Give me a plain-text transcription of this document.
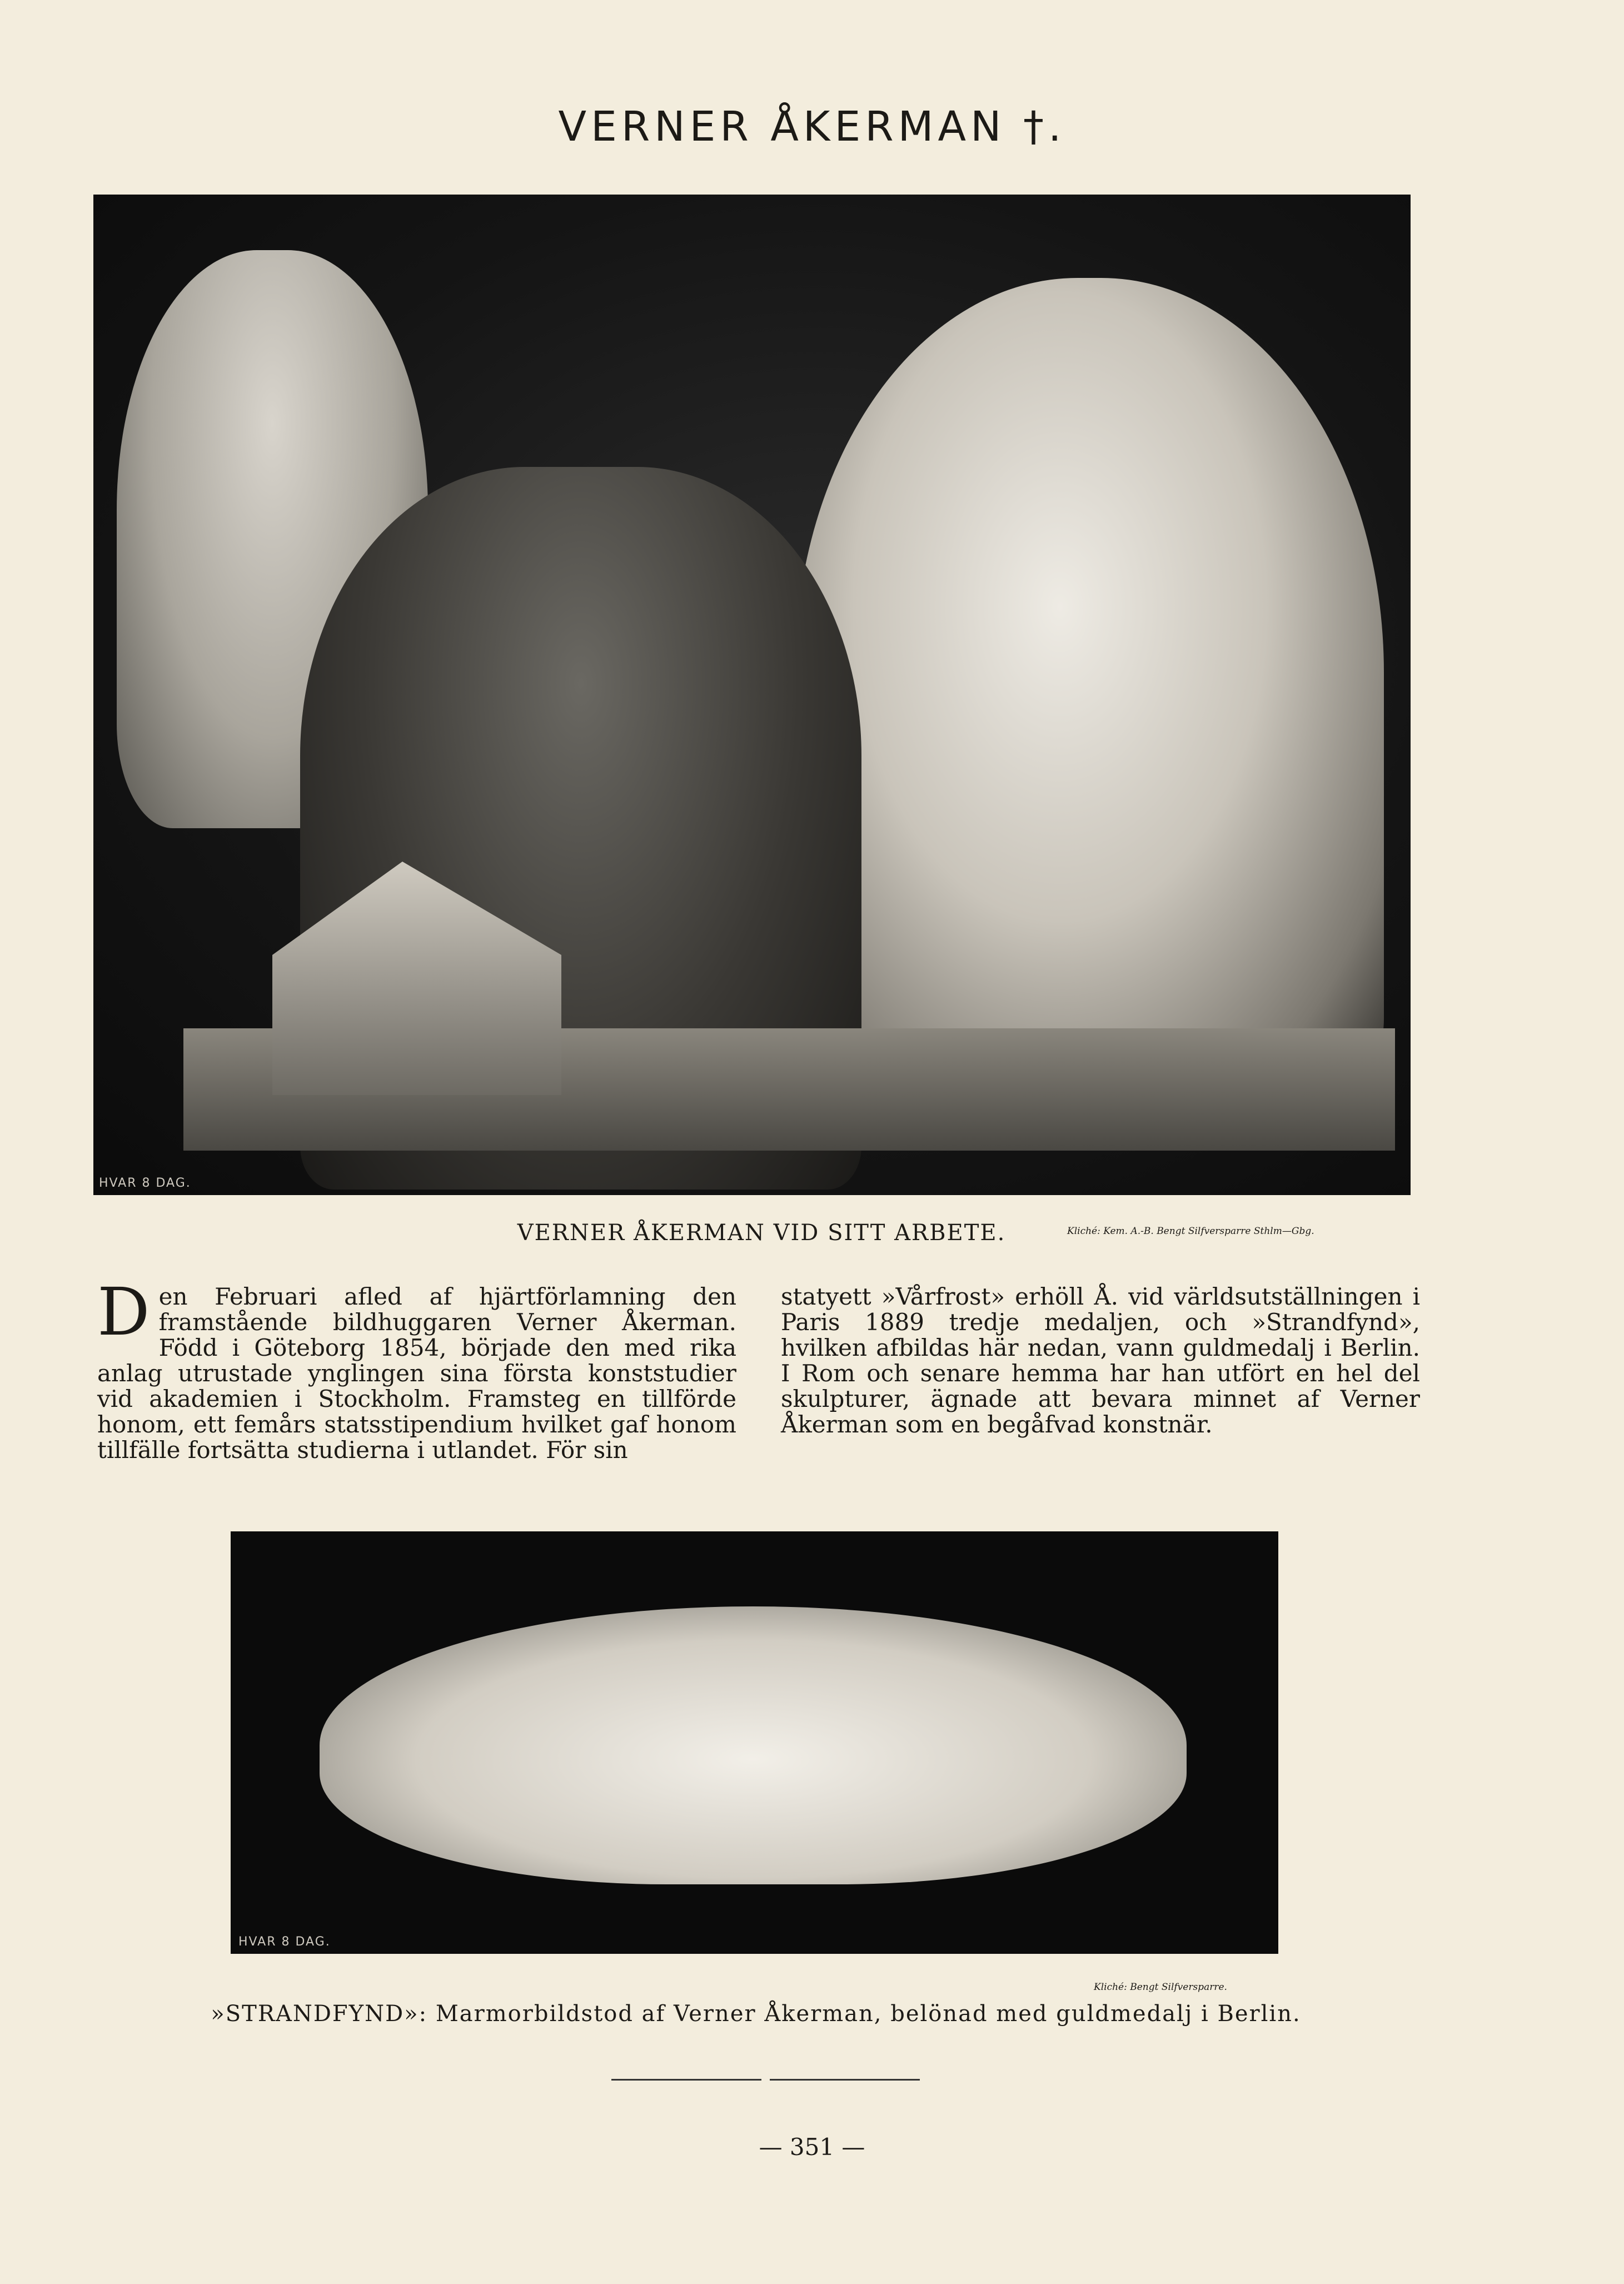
VERNER ÅKERMAN †.
HVAR 8 DAG.
VERNER ÅKERMAN VID SITT ARBETE.	Kliché: Kem. A.-B. Bengt Silfversparre Sthlm—Gbg.

Den Februari afled af hjärtförlamning den framstående bildhuggaren Verner Åkerman. Född i Göteborg 1854, började den med rika anlag utrustade ynglingen sina första konststudier vid akademien i Stockholm. Framsteg en tillförde honom, ett femårs statsstipendium hvilket gaf honom tillfälle fortsätta studierna i utlandet. För sin

statyett »Vårfrost» erhöll Å. vid världsutställningen i Paris 1889 tredje medaljen, och »Strandfynd», hvilken afbildas här nedan, vann guldmedalj i Berlin. I Rom och senare hemma har han utfört en hel del skulpturer, ägnade att bevara minnet af Verner Åkerman som en begåfvad konstnär.

HVAR 8 DAG.
Kliché: Bengt Silfversparre.
»STRANDFYND»: Marmorbildstod af Verner Åkerman, belönad med guldmedalj i Berlin.
— 351 —
